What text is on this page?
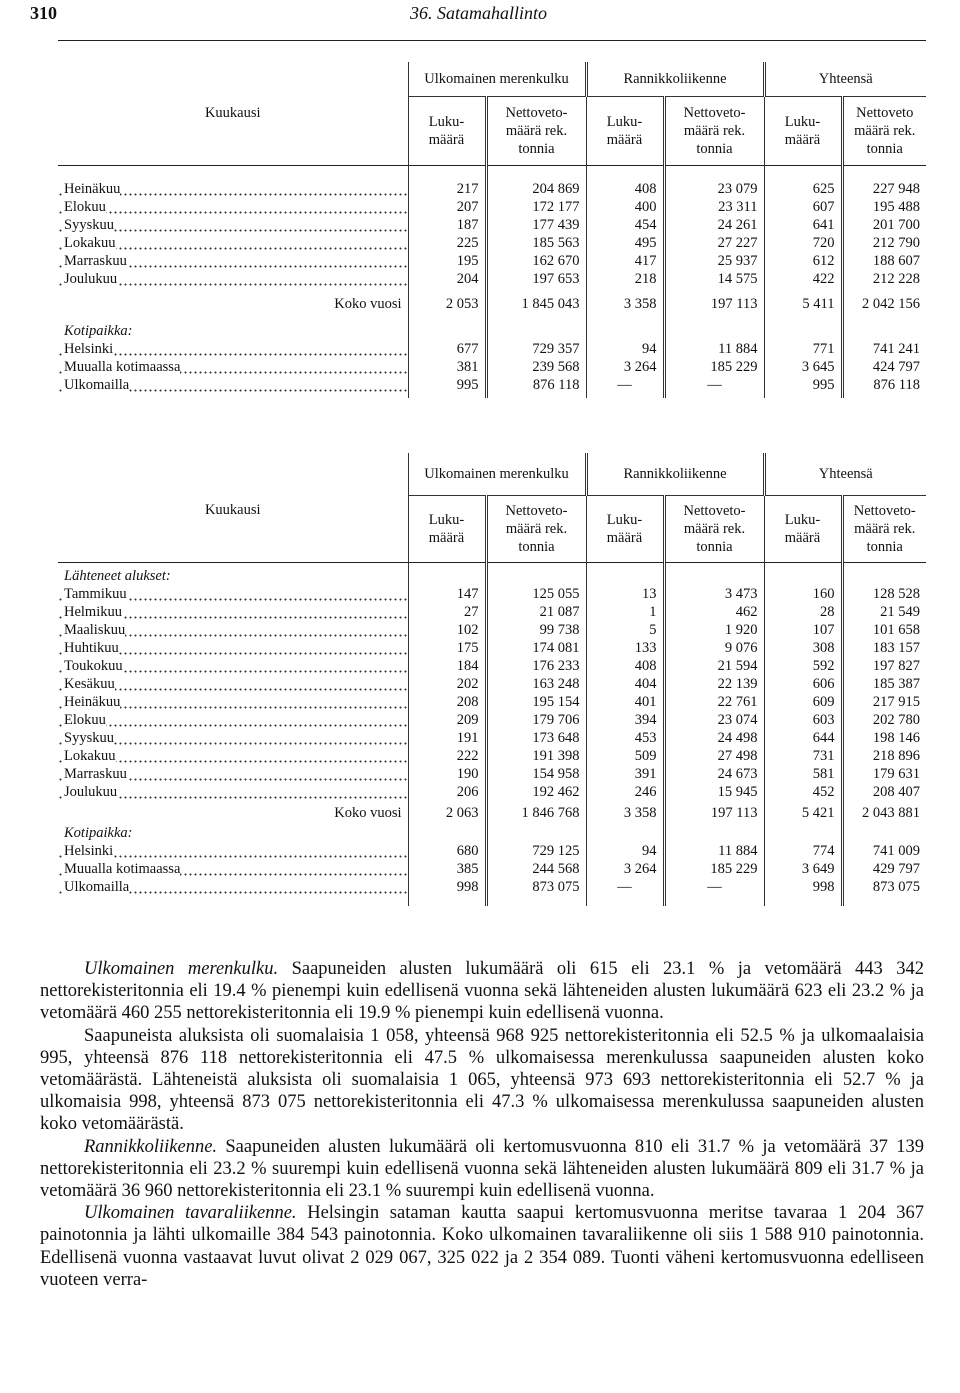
310	36. Satamahallinto
Kuukausi	Ulkomainen merenkulku		Rannikkoliikenne		Yhteensä	
	Luku-
määrä	Nettoveto-
määrä rek.
tonnia	Luku-
määrä	Nettoveto-
määrä rek.
tonnia	Luku-
määrä	Nettoveto
määrä rek.
tonnia

Heinäkuu	217	204 869	408	23 079	625	227 948
Elokuu	207	172 177	400	23 311	607	195 488
Syyskuu	187	177 439	454	24 261	641	201 700
Lokakuu	225	185 563	495	27 227	720	212 790
Marraskuu	195	162 670	417	25 937	612	188 607
Joulukuu	204	197 653	218	14 575	422	212 228

Koko vuosi	2 053	1 845 043	3 358	197 113	5 411	2 042 156

Kotipaikka:						
Helsinki	677	729 357	94	11 884	771	741 241
Muualla kotimaassa	381	239 568	3 264	185 229	3 645	424 797
Ulkomailla	995	876 118	—	—	995	876 118

Kuukausi	Ulkomainen merenkulku		Rannikkoliikenne		Yhteensä	
	Luku-
määrä	Nettoveto-
määrä rek.
tonnia	Luku-
määrä	Nettoveto-
määrä rek.
tonnia	Luku-
määrä	Nettoveto-
määrä rek.
tonnia

Lähteneet alukset:						
Tammikuu	147	125 055	13	3 473	160	128 528
Helmikuu	27	21 087	1	462	28	21 549
Maaliskuu	102	99 738	5	1 920	107	101 658
Huhtikuu	175	174 081	133	9 076	308	183 157
Toukokuu	184	176 233	408	21 594	592	197 827
Kesäkuu	202	163 248	404	22 139	606	185 387
Heinäkuu	208	195 154	401	22 761	609	217 915
Elokuu	209	179 706	394	23 074	603	202 780
Syyskuu	191	173 648	453	24 498	644	198 146
Lokakuu	222	191 398	509	27 498	731	218 896
Marraskuu	190	154 958	391	24 673	581	179 631
Joulukuu	206	192 462	246	15 945	452	208 407

Koko vuosi	2 063	1 846 768	3 358	197 113	5 421	2 043 881

Kotipaikka:						
Helsinki	680	729 125	94	11 884	774	741 009
Muualla kotimaassa	385	244 568	3 264	185 229	3 649	429 797
Ulkomailla	998	873 075	—	—	998	873 075

Ulkomainen merenkulku. Saapuneiden alusten lukumäärä oli 615 eli 23.1 % ja vetomäärä 443 342 nettorekisteritonnia eli 19.4 % pienempi kuin edellisenä vuonna sekä lähteneiden alusten lukumäärä 623 eli 23.2 % ja vetomäärä 460 255 nettorekisteritonnia eli 19.9 % pienempi kuin edellisenä vuonna.

Saapuneista aluksista oli suomalaisia 1 058, yhteensä 968 925 nettorekisteritonnia eli 52.5 % ja ulkomaalaisia 995, yhteensä 876 118 nettorekisteritonnia eli 47.5 % ulkomaisessa merenkulussa saapuneiden alusten koko vetomäärästä. Lähteneistä aluksista oli suomalaisia 1 065, yhteensä 973 693 nettorekisteritonnia eli 52.7 % ja ulkomaisia 998, yhteensä 873 075 nettorekisteritonnia eli 47.3 % ulkomaisessa merenkulussa saapuneiden alusten koko vetomäärästä.

Rannikkoliikenne. Saapuneiden alusten lukumäärä oli kertomusvuonna 810 eli 31.7 % ja vetomäärä 37 139 nettorekisteritonnia eli 23.2 % suurempi kuin edellisenä vuonna sekä lähteneiden alusten lukumäärä 809 eli 31.7 % ja vetomäärä 36 960 nettorekisteritonnia eli 23.1 % suurempi kuin edellisenä vuonna.

Ulkomainen tavaraliikenne. Helsingin sataman kautta saapui kertomusvuonna meritse tavaraa 1 204 367 painotonnia ja lähti ulkomaille 384 543 painotonnia. Koko ulkomainen tavaraliikenne oli siis 1 588 910 painotonnia. Edellisenä vuonna vastaavat luvut olivat 2 029 067, 325 022 ja 2 354 089. Tuonti väheni kertomusvuonna edelliseen vuoteen verra-
